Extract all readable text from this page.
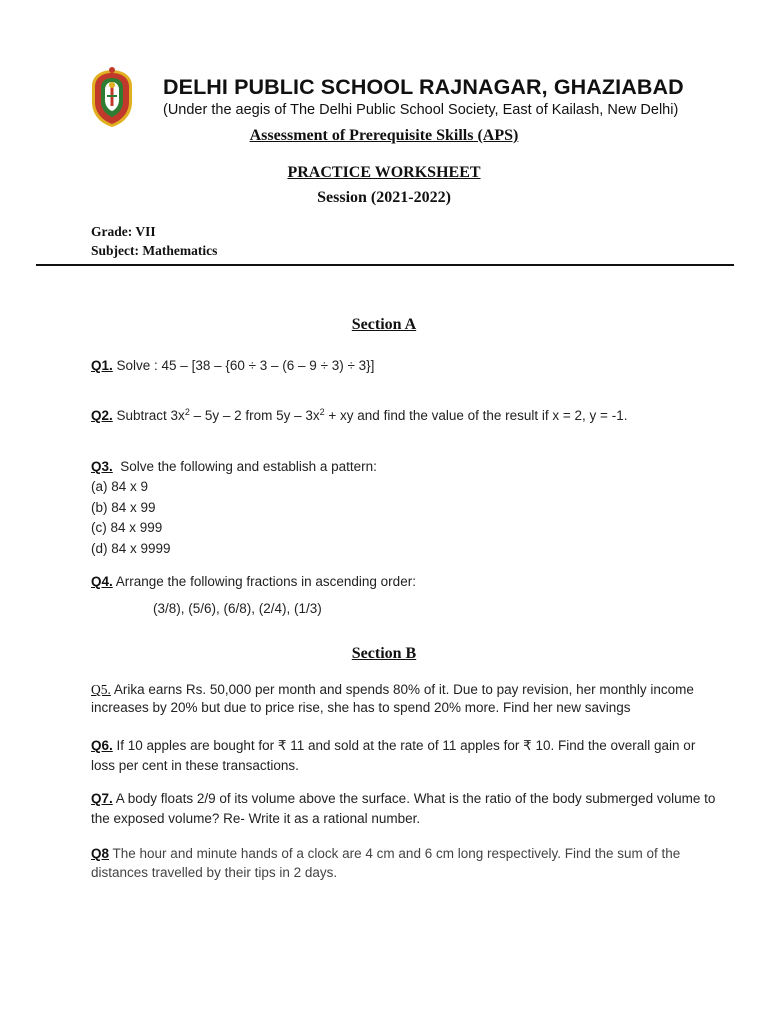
DELHI PUBLIC SCHOOL RAJNAGAR, GHAZIABAD
(Under the aegis of The Delhi Public School Society, East of Kailash, New Delhi)
Assessment of Prerequisite Skills (APS)
PRACTICE WORKSHEET
Session (2021-2022)
Grade: VII
Subject: Mathematics
Section A
Q1. Solve : 45 – [38 – {60 ÷ 3 – (6 – 9 ÷ 3) ÷ 3}]
Q2. Subtract $3x^2 - 5y - 2$ from $5y - 3x^2$ + xy and find the value of the result if x = 2, y = -1.
Q3.  Solve the following and establish a pattern:
(a) 84 x 9
(b) 84 x 99
(c) 84 x 999
(d) 84 x 9999
Q4. Arrange the following fractions in ascending order:
(3/8), (5/6), (6/8), (2/4), (1/3)
Section B
Q5. Arika earns Rs. 50,000 per month and spends 80% of it. Due to pay revision, her monthly income increases by 20% but due to price rise, she has to spend 20% more. Find her new savings
Q6. If 10 apples are bought for ₹ 11 and sold at the rate of 11 apples for ₹ 10. Find the overall gain or loss per cent in these transactions.
Q7. A body floats 2/9 of its volume above the surface. What is the ratio of the body submerged volume to the exposed volume? Re- Write it as a rational number.
Q8 The hour and minute hands of a clock are 4 cm and 6 cm long respectively. Find the sum of the distances travelled by their tips in 2 days.
